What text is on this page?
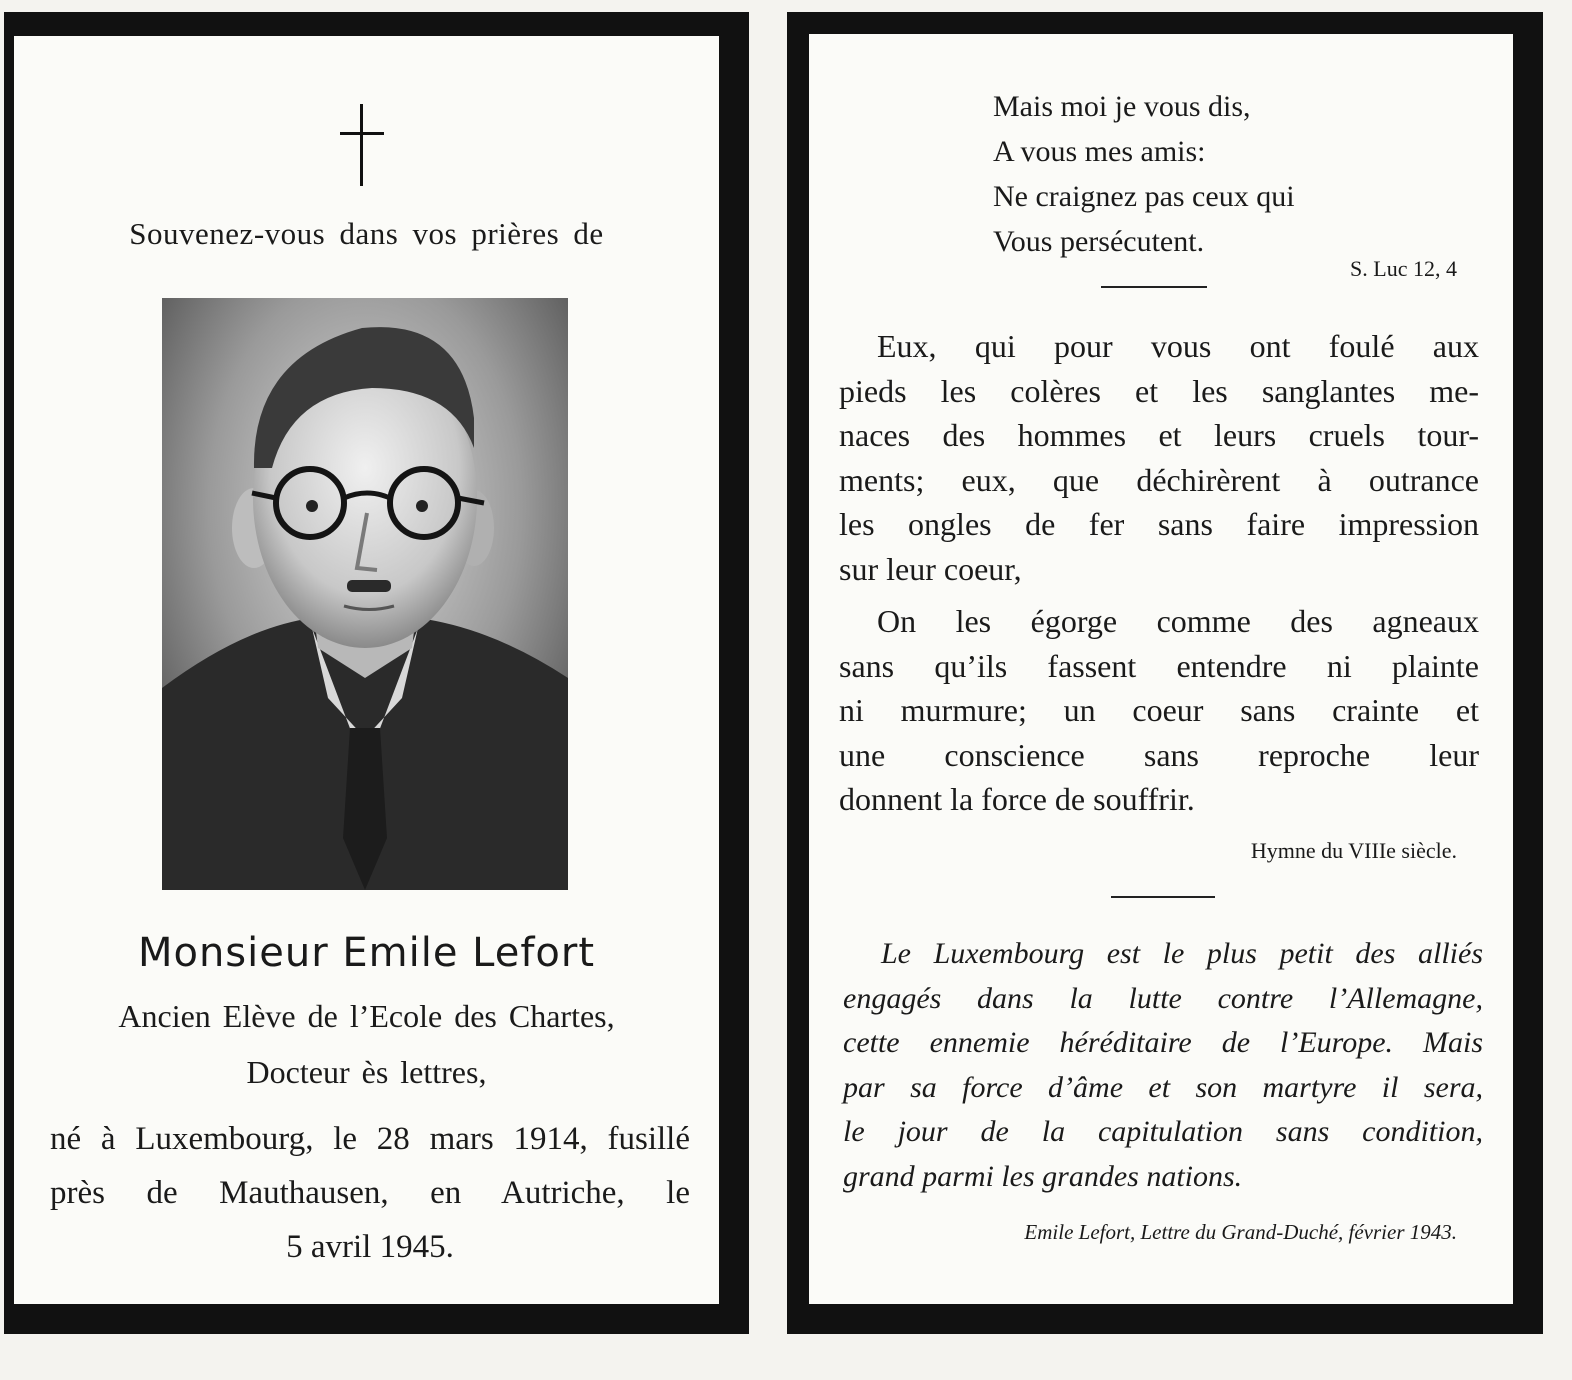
Souvenez-vous dans vos prières de
Monsieur Emile Lefort
Ancien Elève de l’Ecole des Chartes,
Docteur ès lettres,
né à Luxembourg, le 28 mars 1914, fusillé
près de Mauthausen, en Autriche, le
5 avril 1945.
Mais moi je vous dis,
A vous mes amis:
Ne craignez pas ceux qui
Vous persécutent.
S. Luc 12, 4
Eux, qui pour vous ont foulé aux
pieds les colères et les sanglantes me-
naces des hommes et leurs cruels tour-
ments; eux, que déchirèrent à outrance
les ongles de fer sans faire impression
sur leur coeur,
On les égorge comme des agneaux
sans qu’ils fassent entendre ni plainte
ni murmure; un coeur sans crainte et
une conscience sans reproche leur
donnent la force de souffrir.
Hymne du VIIIe siècle.
Le Luxembourg est le plus petit des alliés
engagés dans la lutte contre l’Allemagne,
cette ennemie héréditaire de l’Europe. Mais
par sa force d’âme et son martyre il sera,
le jour de la capitulation sans condition,
grand parmi les grandes nations.
Emile Lefort, Lettre du Grand-Duché, février 1943.
